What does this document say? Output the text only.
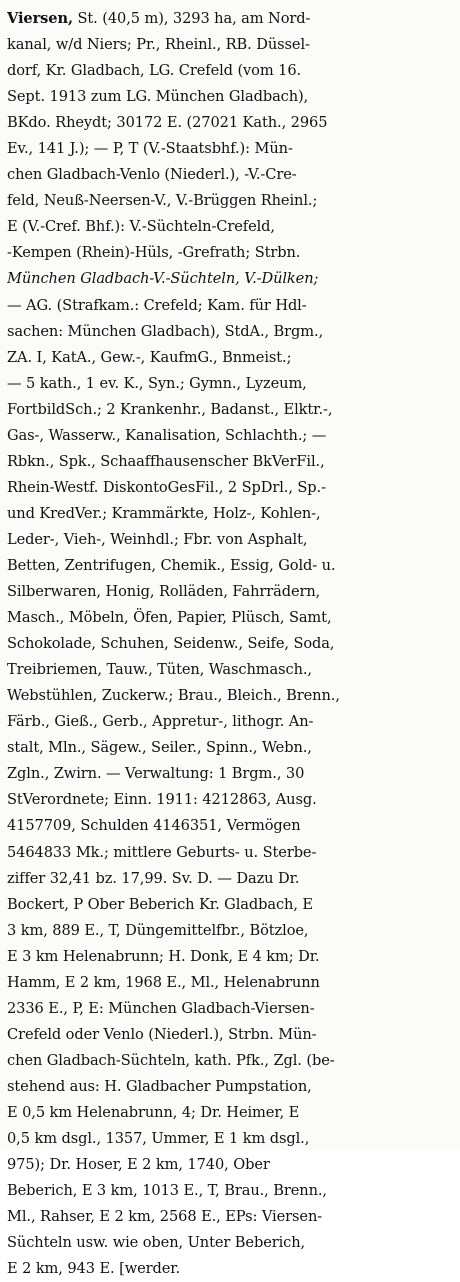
Viersen, St. (40,5 m), 3293 ha, am Nord-
kanal, w/d Niers; Pr., Rheinl., RB. Düssel-
dorf, Kr. Gladbach, LG. Crefeld (vom 16.
Sept. 1913 zum LG. München Gladbach),
BKdo. Rheydt; 30172 E. (27021 Kath., 2965
Ev., 141 J.); — P, T (V.-Staatsbhf.): Mün-
chen Gladbach-Venlo (Niederl.), -V.-Cre-
feld, Neuß-Neersen-V., V.-Brüggen Rheinl.;
E (V.-Cref. Bhf.): V.-Süchteln-Crefeld,
-Kempen (Rhein)-Hüls, -Grefrath; Strbn.
München Gladbach-V.-Süchteln, V.-Dülken;
— AG. (Strafkam.: Crefeld; Kam. für Hdl-
sachen: München Gladbach), StdA., Brgm.,
ZA. I, KatA., Gew.-, KaufmG., Bnmeist.;
— 5 kath., 1 ev. K., Syn.; Gymn., Lyzeum,
FortbildSch.; 2 Krankenhr., Badanst., Elktr.-,
Gas-, Wasserw., Kanalisation, Schlachth.; —
Rbkn., Spk., Schaaffhausenscher BkVerFil.,
Rhein-Westf. DiskontoGesFil., 2 SpDrl., Sp.-
und KredVer.; Krammärkte, Holz-, Kohlen-,
Leder-, Vieh-, Weinhdl.; Fbr. von Asphalt,
Betten, Zentrifugen, Chemik., Essig, Gold- u.
Silberwaren, Honig, Rolläden, Fahrrädern,
Masch., Möbeln, Öfen, Papier, Plüsch, Samt,
Schokolade, Schuhen, Seidenw., Seife, Soda,
Treibriemen, Tauw., Tüten, Waschmasch.,
Webstühlen, Zuckerw.; Brau., Bleich., Brenn.,
Färb., Gieß., Gerb., Appretur-, lithogr. An-
stalt, Mln., Sägew., Seiler., Spinn., Webn.,
Zgln., Zwirn. — Verwaltung: 1 Brgm., 30
StVerordnete; Einn. 1911: 4212863, Ausg.
4157709, Schulden 4146351, Vermögen
5464833 Mk.; mittlere Geburts- u. Sterbe-
ziffer 32,41 bz. 17,99. Sv. D. — Dazu Dr.
Bockert, P Ober Beberich Kr. Gladbach, E
3 km, 889 E., T, Düngemittelfbr., Bötzloe,
E 3 km Helenabrunn; H. Donk, E 4 km; Dr.
Hamm, E 2 km, 1968 E., Ml., Helenabrunn
2336 E., P, E: München Gladbach-Viersen-
Crefeld oder Venlo (Niederl.), Strbn. Mün-
chen Gladbach-Süchteln, kath. Pfk., Zgl. (be-
stehend aus: H. Gladbacher Pumpstation,
E 0,5 km Helenabrunn, 4; Dr. Heimer, E
0,5 km dsgl., 1357, Ummer, E 1 km dsgl.,
975); Dr. Hoser, E 2 km, 1740, Ober
Beberich, E 3 km, 1013 E., T, Brau., Brenn.,
Ml., Rahser, E 2 km, 2568 E., EPs: Viersen-
Süchteln usw. wie oben, Unter Beberich,
E 2 km, 943 E. [werder.
